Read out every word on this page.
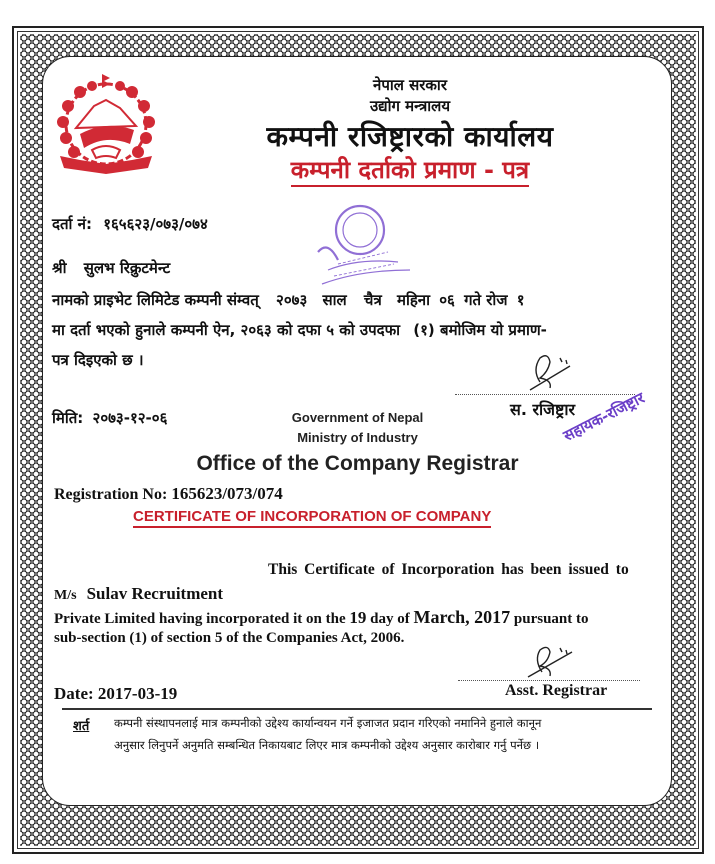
नेपाल सरकार
उद्योग मन्त्रालय
कम्पनी रजिष्ट्रारको कार्यालय
कम्पनी दर्ताको प्रमाण - पत्र
दर्ता नं: १६५६२३/०७३/०७४
श्री सुलभ रिक्रुटमेन्ट
नामको प्राइभेट लिमिटेड कम्पनी संम्वत् २०७३ साल चैत्र महिना ०६ गते रोज १
मा दर्ता भएको हुनाले कम्पनी ऐन, २०६३ को दफा ५ को उपदफा (१) बमोजिम यो प्रमाण-
पत्र दिइएको छ ।
स. रजिष्ट्रार
सहायक-रजिष्ट्रार
मिति: २०७३-१२-०६	Government of Nepal
Ministry of Industry
Office of the Company Registrar
Registration No: 165623/073/074
CERTIFICATE OF INCORPORATION OF COMPANY
This Certificate of Incorporation has been issued to
M/s Sulav Recruitment
Private Limited having incorporated it on the 19 day of March, 2017 pursuant to
sub-section (1) of section 5 of the Companies Act, 2006.
Asst. Registrar
Date: 2017-03-19
शर्त कम्पनी संस्थापनलाई मात्र कम्पनीको उद्देश्य कार्यान्वयन गर्ने इजाजत प्रदान गरिएको नमानिने हुनाले कानून
अनुसार लिनुपर्ने अनुमति सम्बन्धित निकायबाट लिएर मात्र कम्पनीको उद्देश्य अनुसार कारोबार गर्नु पर्नेछ ।
